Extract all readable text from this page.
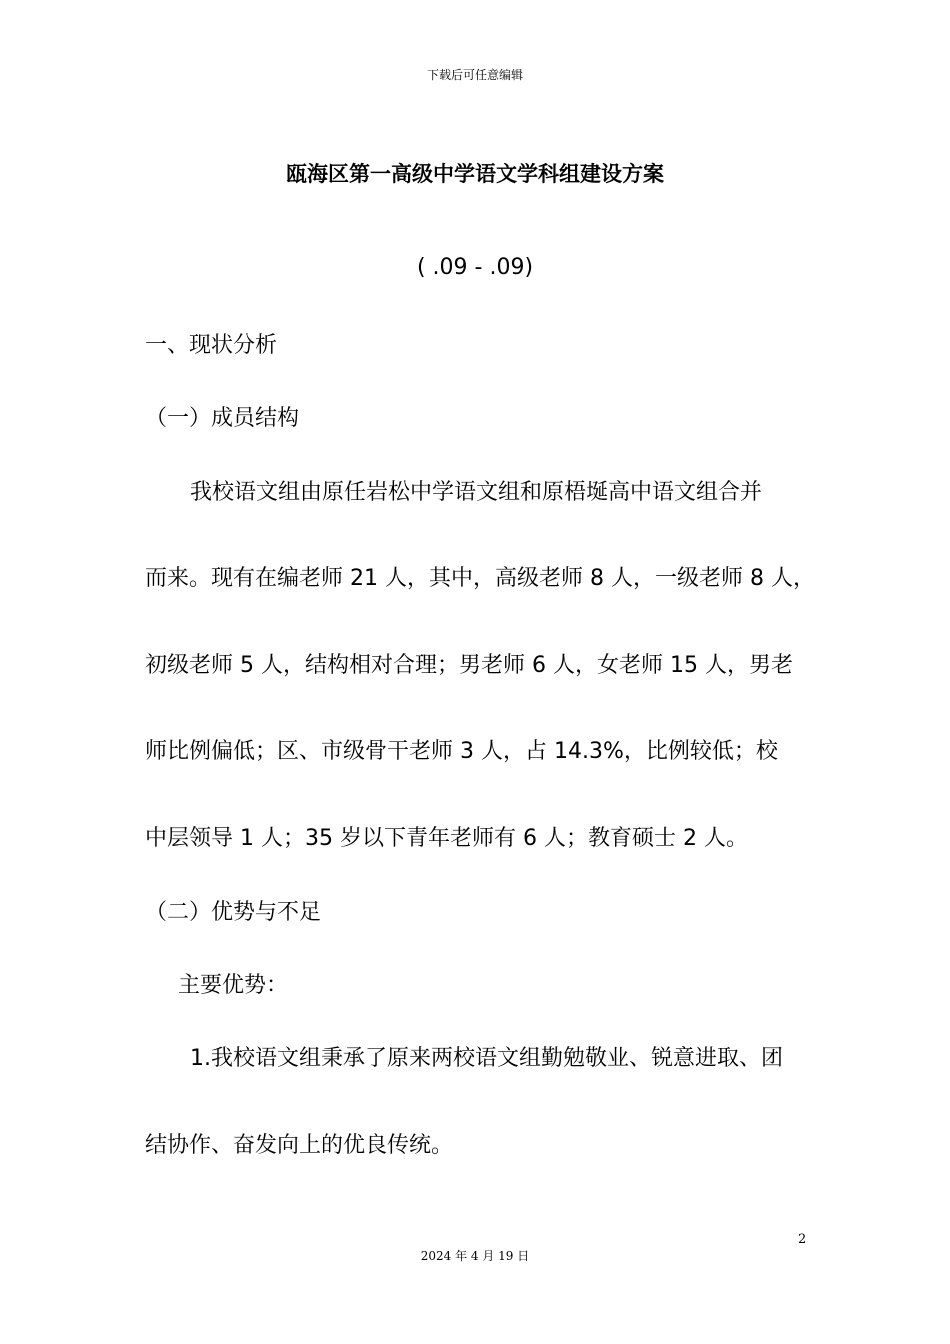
下载后可任意编辑
瓯海区第一高级中学语文学科组建设方案
( .09 - .09)
一、现状分析
（一）成员结构
我校语文组由原任岩松中学语文组和原梧埏高中语文组合并
而来。现有在编老师 21 人，其中，高级老师 8 人，一级老师 8 人，
初级老师 5 人，结构相对合理；男老师 6 人，女老师 15 人，男老
师比例偏低；区、市级骨干老师 3 人，占 14.3%，比例较低；校
中层领导 1 人；35 岁以下青年老师有 6 人；教育硕士 2 人。
（二）优势与不足
主要优势：
1.我校语文组秉承了原来两校语文组勤勉敬业、锐意进取、团
结协作、奋发向上的优良传统。
2
2024 年 4 月 19 日
